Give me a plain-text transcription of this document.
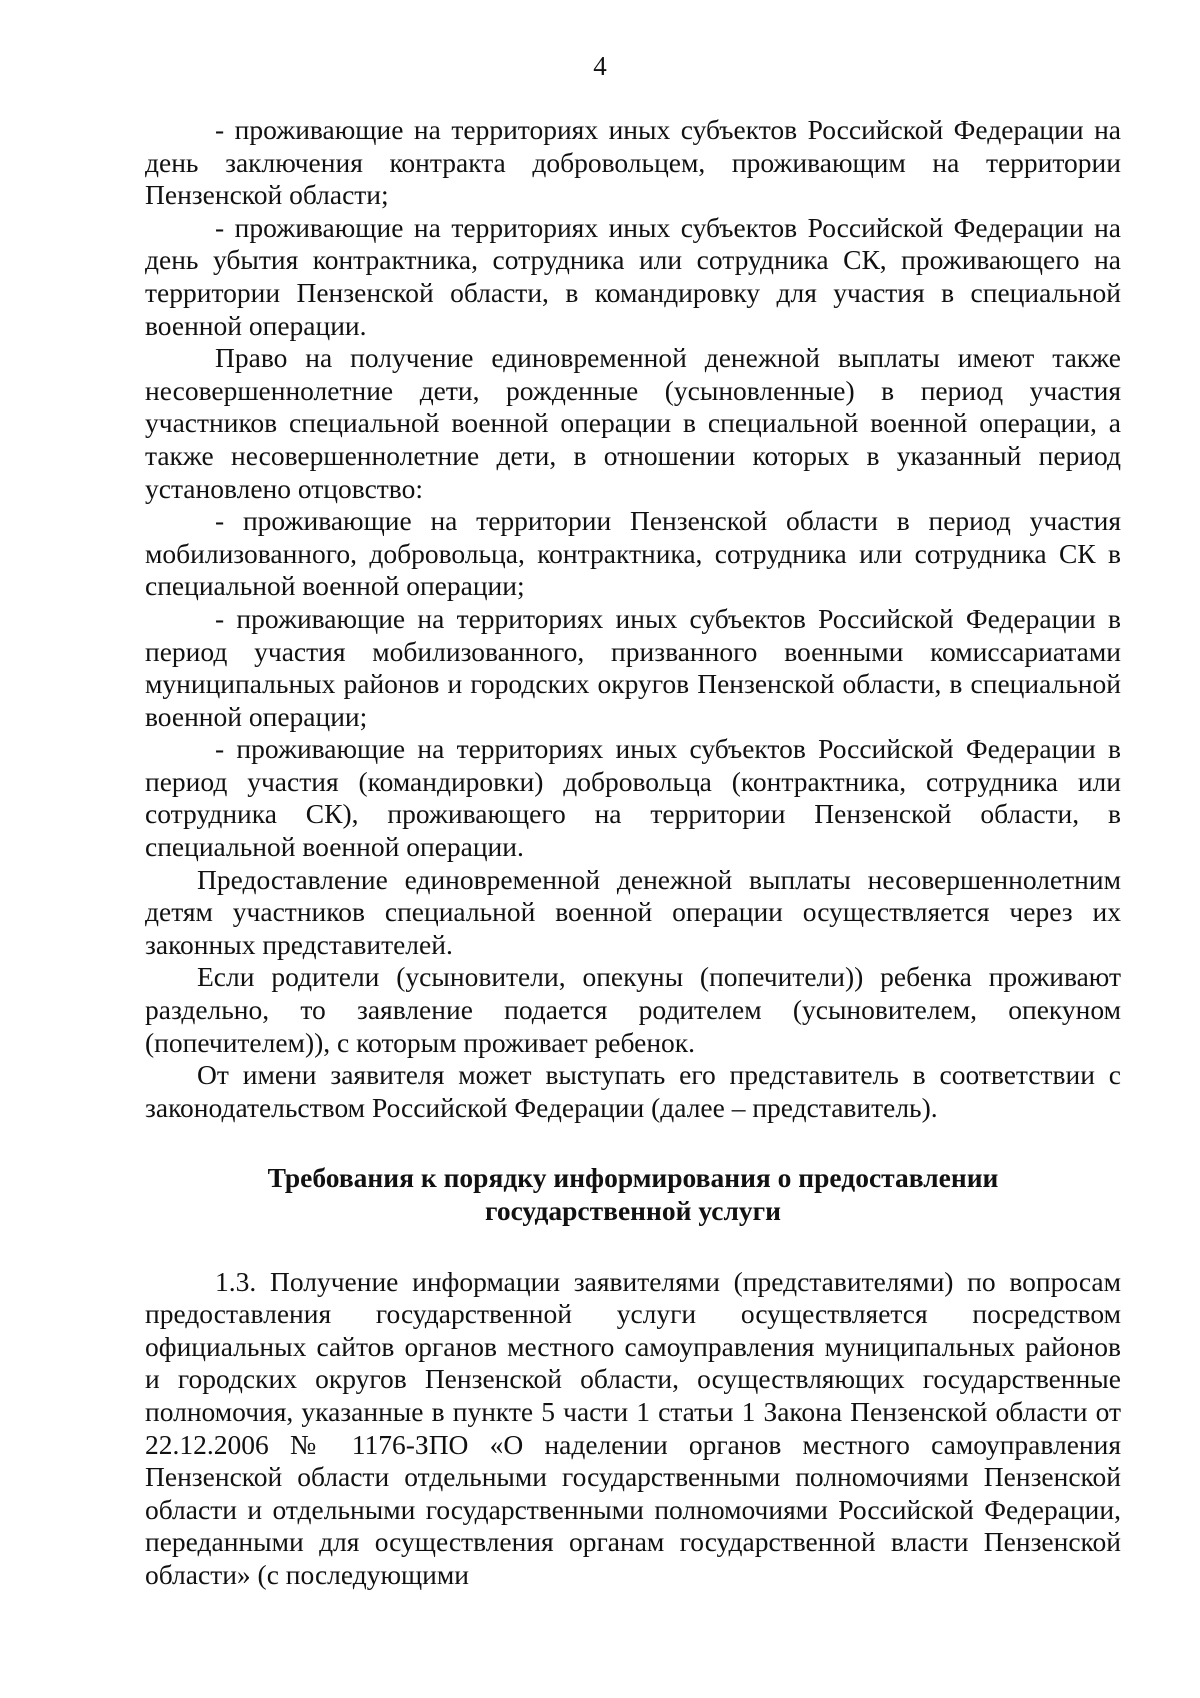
4

- проживающие на территориях иных субъектов Российской Федерации на день заключения контракта добровольцем, проживающим на территории Пензенской области;

- проживающие на территориях иных субъектов Российской Федерации на день убытия контрактника, сотрудника или сотрудника СК, проживающего на территории Пензенской области, в командировку для участия в специальной военной операции.

Право на получение единовременной денежной выплаты имеют также несовершеннолетние дети, рожденные (усыновленные) в период участия участников специальной военной операции в специальной военной операции, а также несовершеннолетние дети, в отношении которых в указанный период установлено отцовство:

- проживающие на территории Пензенской области в период участия мобилизованного, добровольца, контрактника, сотрудника или сотрудника СК в специальной военной операции;

- проживающие на территориях иных субъектов Российской Федерации в период участия мобилизованного, призванного военными комиссариатами муниципальных районов и городских округов Пензенской области, в специальной военной операции;

- проживающие на территориях иных субъектов Российской Федерации в период участия (командировки) добровольца (контрактника, сотрудника или сотрудника СК), проживающего на территории Пензенской области, в специальной военной операции.

Предоставление единовременной денежной выплаты несовершеннолетним детям участников специальной военной операции осуществляется через их законных представителей.

Если родители (усыновители, опекуны (попечители)) ребенка проживают раздельно, то заявление подается родителем (усыновителем, опекуном (попечителем)), с которым проживает ребенок.

От имени заявителя может выступать его представитель в соответствии с законодательством Российской Федерации (далее – представитель).

Требования к порядку информирования о предоставлении
государственной услуги

1.3. Получение информации заявителями (представителями) по вопросам предоставления государственной услуги осуществляется посредством официальных сайтов органов местного самоуправления муниципальных районов и городских округов Пензенской области, осуществляющих государственные полномочия, указанные в пункте 5 части 1 статьи 1 Закона Пензенской области от 22.12.2006 № 1176-ЗПО «О наделении органов местного самоуправления Пензенской области отдельными государственными полномочиями Пензенской области и отдельными государственными полномочиями Российской Федерации, переданными для осуществления органам государственной власти Пензенской области» (с последующими
